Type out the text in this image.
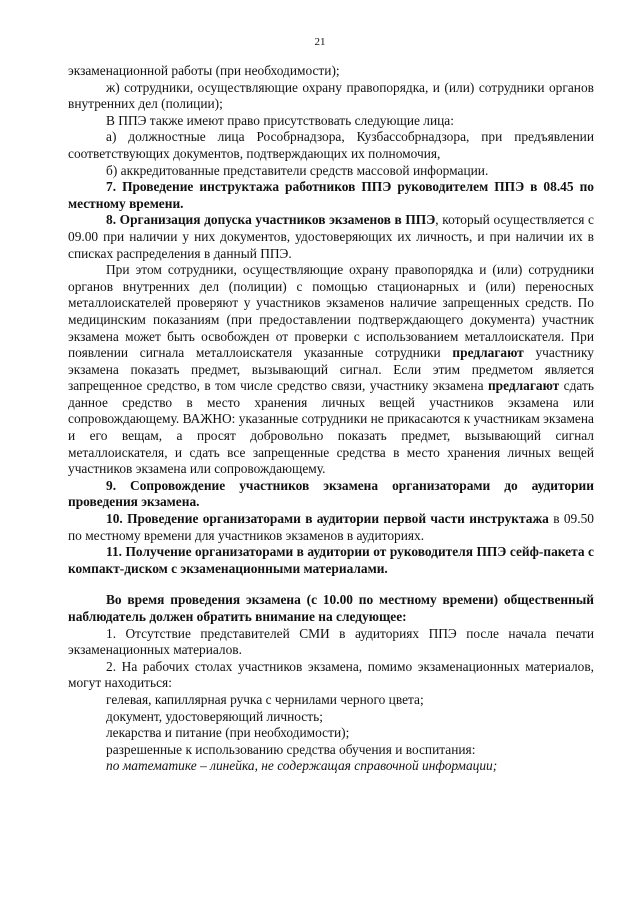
21

экзаменационной работы (при необходимости);

ж) сотрудники, осуществляющие охрану правопорядка, и (или) сотрудники органов внутренних дел (полиции);

В ППЭ также имеют право присутствовать следующие лица:

а) должностные лица Рособрнадзора, Кузбассобрнадзора, при предъявлении соответствующих документов, подтверждающих их полномочия,

б) аккредитованные представители средств массовой информации.

7. Проведение инструктажа работников ППЭ руководителем ППЭ в 08.45 по местному времени.

8. Организация допуска участников экзаменов в ППЭ, который осуществляется с 09.00 при наличии у них документов, удостоверяющих их личность, и при наличии их в списках распределения в данный ППЭ.

При этом сотрудники, осуществляющие охрану правопорядка и (или) сотрудники органов внутренних дел (полиции) с помощью стационарных и (или) переносных металлоискателей проверяют у участников экзаменов наличие запрещенных средств. По медицинским показаниям (при предоставлении подтверждающего документа) участник экзамена может быть освобожден от проверки с использованием металлоискателя. При появлении сигнала металлоискателя указанные сотрудники предлагают участнику экзамена показать предмет, вызывающий сигнал. Если этим предметом является запрещенное средство, в том числе средство связи, участнику экзамена предлагают сдать данное средство в место хранения личных вещей участников экзамена или сопровождающему. ВАЖНО: указанные сотрудники не прикасаются к участникам экзамена и его вещам, а просят добровольно показать предмет, вызывающий сигнал металлоискателя, и сдать все запрещенные средства в место хранения личных вещей участников экзамена или сопровождающему.

9. Сопровождение участников экзамена организаторами до аудитории проведения экзамена.

10. Проведение организаторами в аудитории первой части инструктажа в 09.50 по местному времени для участников экзаменов в аудиториях.

11. Получение организаторами в аудитории от руководителя ППЭ сейф-пакета с компакт-диском с экзаменационными материалами.

Во время проведения экзамена (с 10.00 по местному времени) общественный наблюдатель должен обратить внимание на следующее:

1. Отсутствие представителей СМИ в аудиториях ППЭ после начала печати экзаменационных материалов.

2. На рабочих столах участников экзамена, помимо экзаменационных материалов, могут находиться:

гелевая, капиллярная ручка с чернилами черного цвета;

документ, удостоверяющий личность;

лекарства и питание (при необходимости);

разрешенные к использованию средства обучения и воспитания:

по математике – линейка, не содержащая справочной информации;
